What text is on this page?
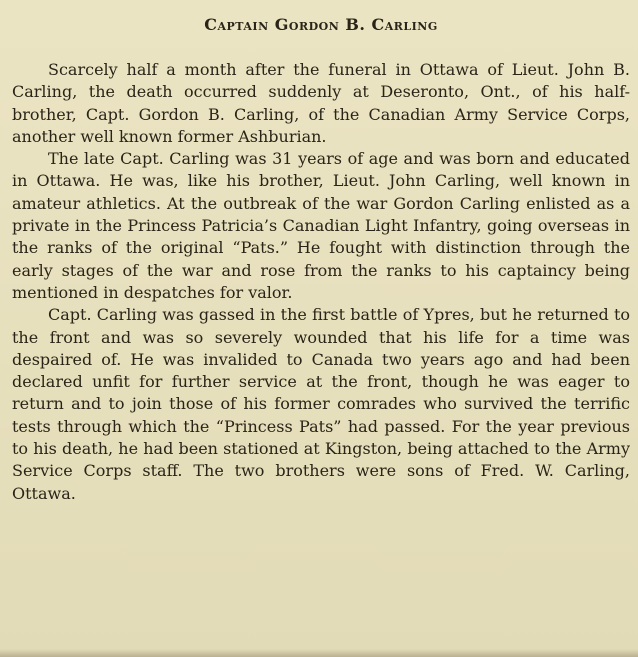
Captain Gordon B. Carling

Scarcely half a month after the funeral in Ottawa of Lieut. John B. Carling, the death occurred suddenly at Deseronto, Ont., of his half-brother, Capt. Gordon B. Carling, of the Canadian Army Service Corps, another well known former Ashburian.

The late Capt. Carling was 31 years of age and was born and educated in Ottawa. He was, like his brother, Lieut. John Carling, well known in amateur athletics. At the outbreak of the war Gordon Carling enlisted as a private in the Princess Patricia’s Canadian Light Infantry, going overseas in the ranks of the original “Pats.” He fought with distinction through the early stages of the war and rose from the ranks to his captaincy being mentioned in despatches for valor.

Capt. Carling was gassed in the first battle of Ypres, but he returned to the front and was so severely wounded that his life for a time was despaired of. He was invalided to Canada two years ago and had been declared unfit for further service at the front, though he was eager to return and to join those of his former comrades who survived the terrific tests through which the “Princess Pats” had passed. For the year previous to his death, he had been stationed at Kingston, being attached to the Army Service Corps staff. The two brothers were sons of Fred. W. Carling, Ottawa.
